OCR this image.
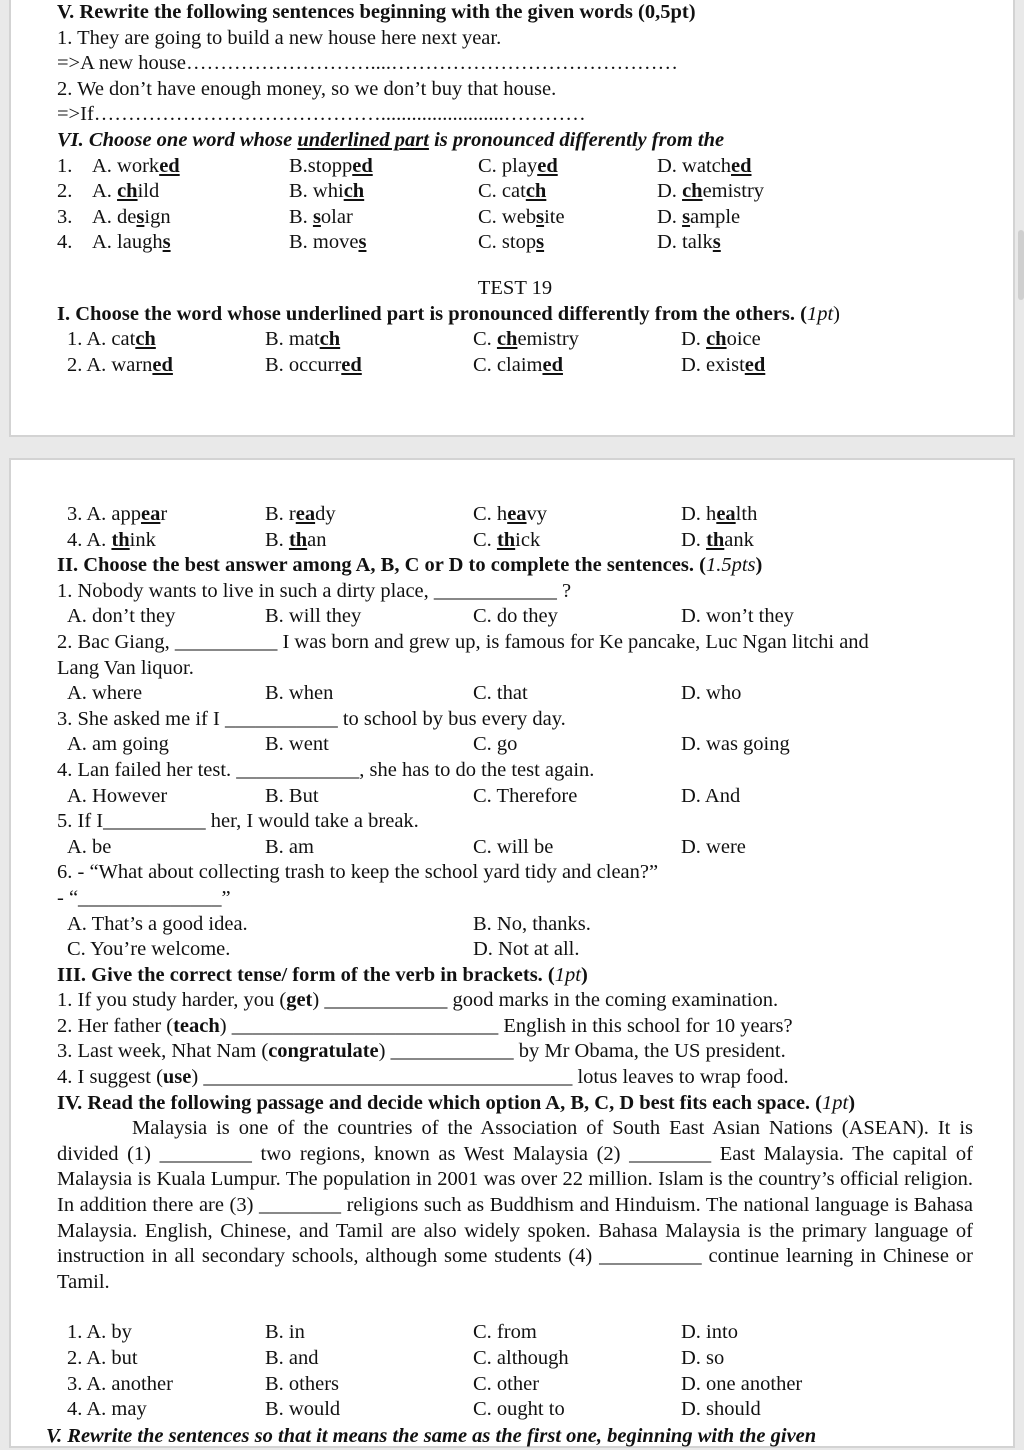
V. Rewrite the following sentences beginning with the given words (0,5pt)
1. They are going to build a new house here next year.
=>A new house………………………....……………………………………
2. We don’t have enough money, so we don’t buy that house.
=>If……………………………………........................…………
VI. Choose one word whose underlined part is pronounced differently from the
1. A. worked	B.stopped	C. played	D. watched
2. A. child	B. which	C. catch	D. chemistry
3. A. design	B. solar	C. website	D. sample
4. A. laughs	B. moves	C. stops	D. talks
TEST 19
I. Choose the word whose underlined part is pronounced differently from the others. (1pt)
1. A. catch	B. match	C. chemistry	D. choice
2. A. warned	B. occurred	C. claimed	D. existed
3. A. appear	B. ready	C. heavy	D. health
4. A. think	B. than	C. thick	D. thank
II. Choose the best answer among A, B, C or D to complete the sentences. (1.5pts)
1. Nobody wants to live in such a dirty place, ____________ ?
A. don’t they	B. will they	C. do they	D. won’t they
2. Bac Giang, __________ I was born and grew up, is famous for Ke pancake, Luc Ngan litchi and
Lang Van liquor.
A. where	B. when	C. that	D. who
3. She asked me if I ___________ to school by bus every day.
A. am going	B. went	C. go	D. was going
4. Lan failed her test. ____________, she has to do the test again.
A. However	B. But	C. Therefore	D. And
5. If I__________ her, I would take a break.
A. be	B. am	C. will be	D. were
6. - “What about collecting trash to keep the school yard tidy and clean?”
- “______________”
A. That’s a good idea.	B. No, thanks.
C. You’re welcome.	D. Not at all.
III. Give the correct tense/ form of the verb in brackets. (1pt)
1. If you study harder, you (get) ____________ good marks in the coming examination.
2. Her father (teach) __________________________ English in this school for 10 years?
3. Last week, Nhat Nam (congratulate) ____________ by Mr Obama, the US president.
4. I suggest (use) ____________________________________ lotus leaves to wrap food.
IV. Read the following passage and decide which option A, B, C, D best fits each space. (1pt)
Malaysia is one of the countries of the Association of South East Asian Nations (ASEAN). It is divided (1) _________ two regions, known as West Malaysia (2) ________ East Malaysia. The capital of Malaysia is Kuala Lumpur. The population in 2001 was over 22 million. Islam is the country’s official religion. In addition there are (3) ________ religions such as Buddhism and Hinduism. The national language is Bahasa Malaysia. English, Chinese, and Tamil are also widely spoken. Bahasa Malaysia is the primary language of instruction in all secondary schools, although some students (4) __________ continue learning in Chinese or Tamil.
1. A. by	B. in	C. from	D. into
2. A. but	B. and	C. although	D. so
3. A. another	B. others	C. other	D. one another
4. A. may	B. would	C. ought to	D. should
V. Rewrite the sentences so that it means the same as the first one, beginning with the given
